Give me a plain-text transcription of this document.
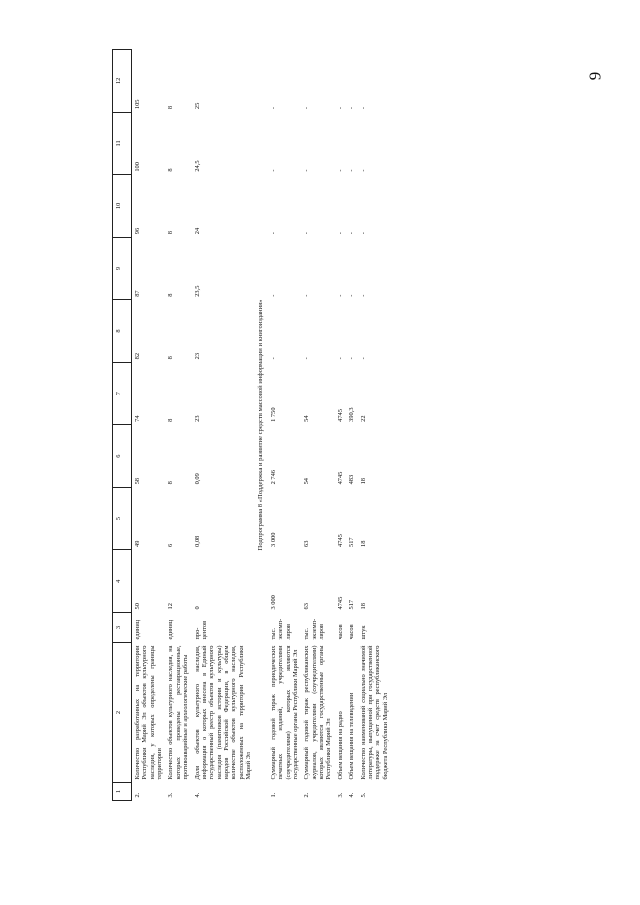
9
1	2	3	4	5	6	7	8	9	10	11	12
2.	Количество разработанных на территории Республики Марий Эл объектов культурного наследия, у которых определены границы территории	единиц	50	49	58	74	82	87	96	100	105
3.	Количество объектов культурного наследия, на которых проведены реставрационные, противоаварийные и археологические работы	единиц	12	6	8	8	8	8	8	8	8
4.	Доля объектов культурного наследия, информация о которых внесена в Единый государственный реестр объектов культурного наследия (памятников истории и культуры) народов Российской Федерации, в общем количестве объектов культурного наследия, расположенных на территории Республики Марий Эл	про-центов	0	0,08	0,09	23	23	23,5	24	24,5	25
Подпрограмма 8 «Поддержка и развитие средств массовой информации и книгоиздания»											
1.	Суммарный годовой тираж периодических печатных изданий, учредителями (соучредителями) которых являются государственные органы Республики Марий Эл	тыс. экземп-ляров	3 000	3 000	2 746	1 750	-	-	-	-	-
2.	Суммарный годовой тираж республиканских журналов, учредителями (соучредителями) которых являются государственные органы Республики Марий Эл	тыс. экземп-ляров	63	63	54	54	-	-	-	-	-
3.	Объем вещания на радио	часов	4745	4745	4745	4745	-	-	-	-	-
4.	Объем вещания на телевидении	часов	517	517	483	390,3	-	-	-	-	-
5.	Количество наименований социально значимой литературы, выпущенной при государственной поддержке за счет средств республиканского бюджета Республики Марий Эл	штук	18	18	18	22	-	-	-	-	-
